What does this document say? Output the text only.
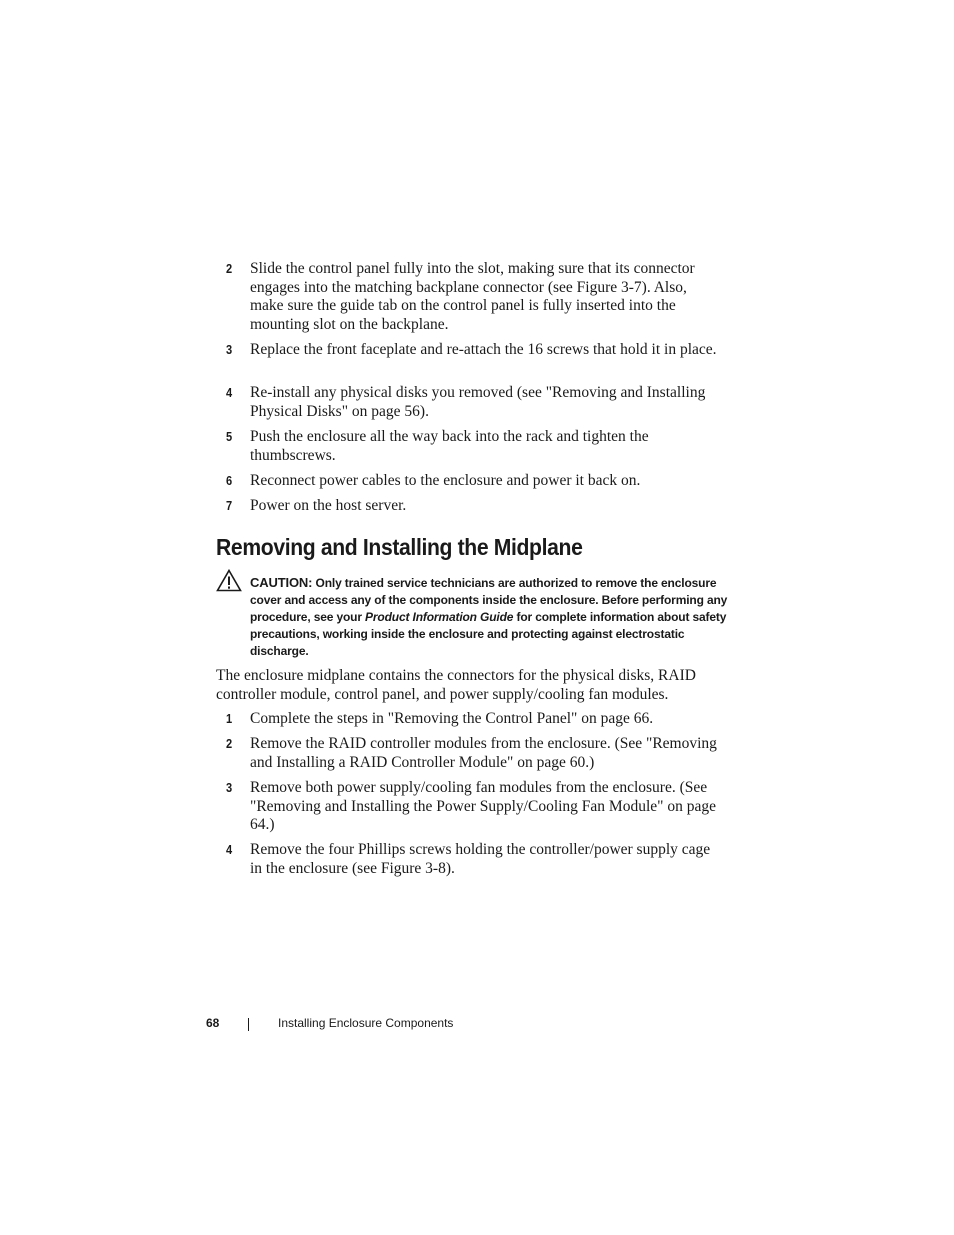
2 Slide the control panel fully into the slot, making sure that its connector engages into the matching backplane connector (see Figure 3-7). Also, make sure the guide tab on the control panel is fully inserted into the mounting slot on the backplane.
3 Replace the front faceplate and re-attach the 16 screws that hold it in place.
4 Re-install any physical disks you removed (see "Removing and Installing Physical Disks" on page 56).
5 Push the enclosure all the way back into the rack and tighten the thumbscrews.
6 Reconnect power cables to the enclosure and power it back on.
7 Power on the host server.
Removing and Installing the Midplane
CAUTION: Only trained service technicians are authorized to remove the enclosure cover and access any of the components inside the enclosure. Before performing any procedure, see your Product Information Guide for complete information about safety precautions, working inside the enclosure and protecting against electrostatic discharge.

The enclosure midplane contains the connectors for the physical disks, RAID controller module, control panel, and power supply/cooling fan modules.

1 Complete the steps in "Removing the Control Panel" on page 66.
2 Remove the RAID controller modules from the enclosure. (See "Removing and Installing a RAID Controller Module" on page 60.)
3 Remove both power supply/cooling fan modules from the enclosure. (See "Removing and Installing the Power Supply/Cooling Fan Module" on page 64.)
4 Remove the four Phillips screws holding the controller/power supply cage in the enclosure (see Figure 3-8).
68	Installing Enclosure Components
